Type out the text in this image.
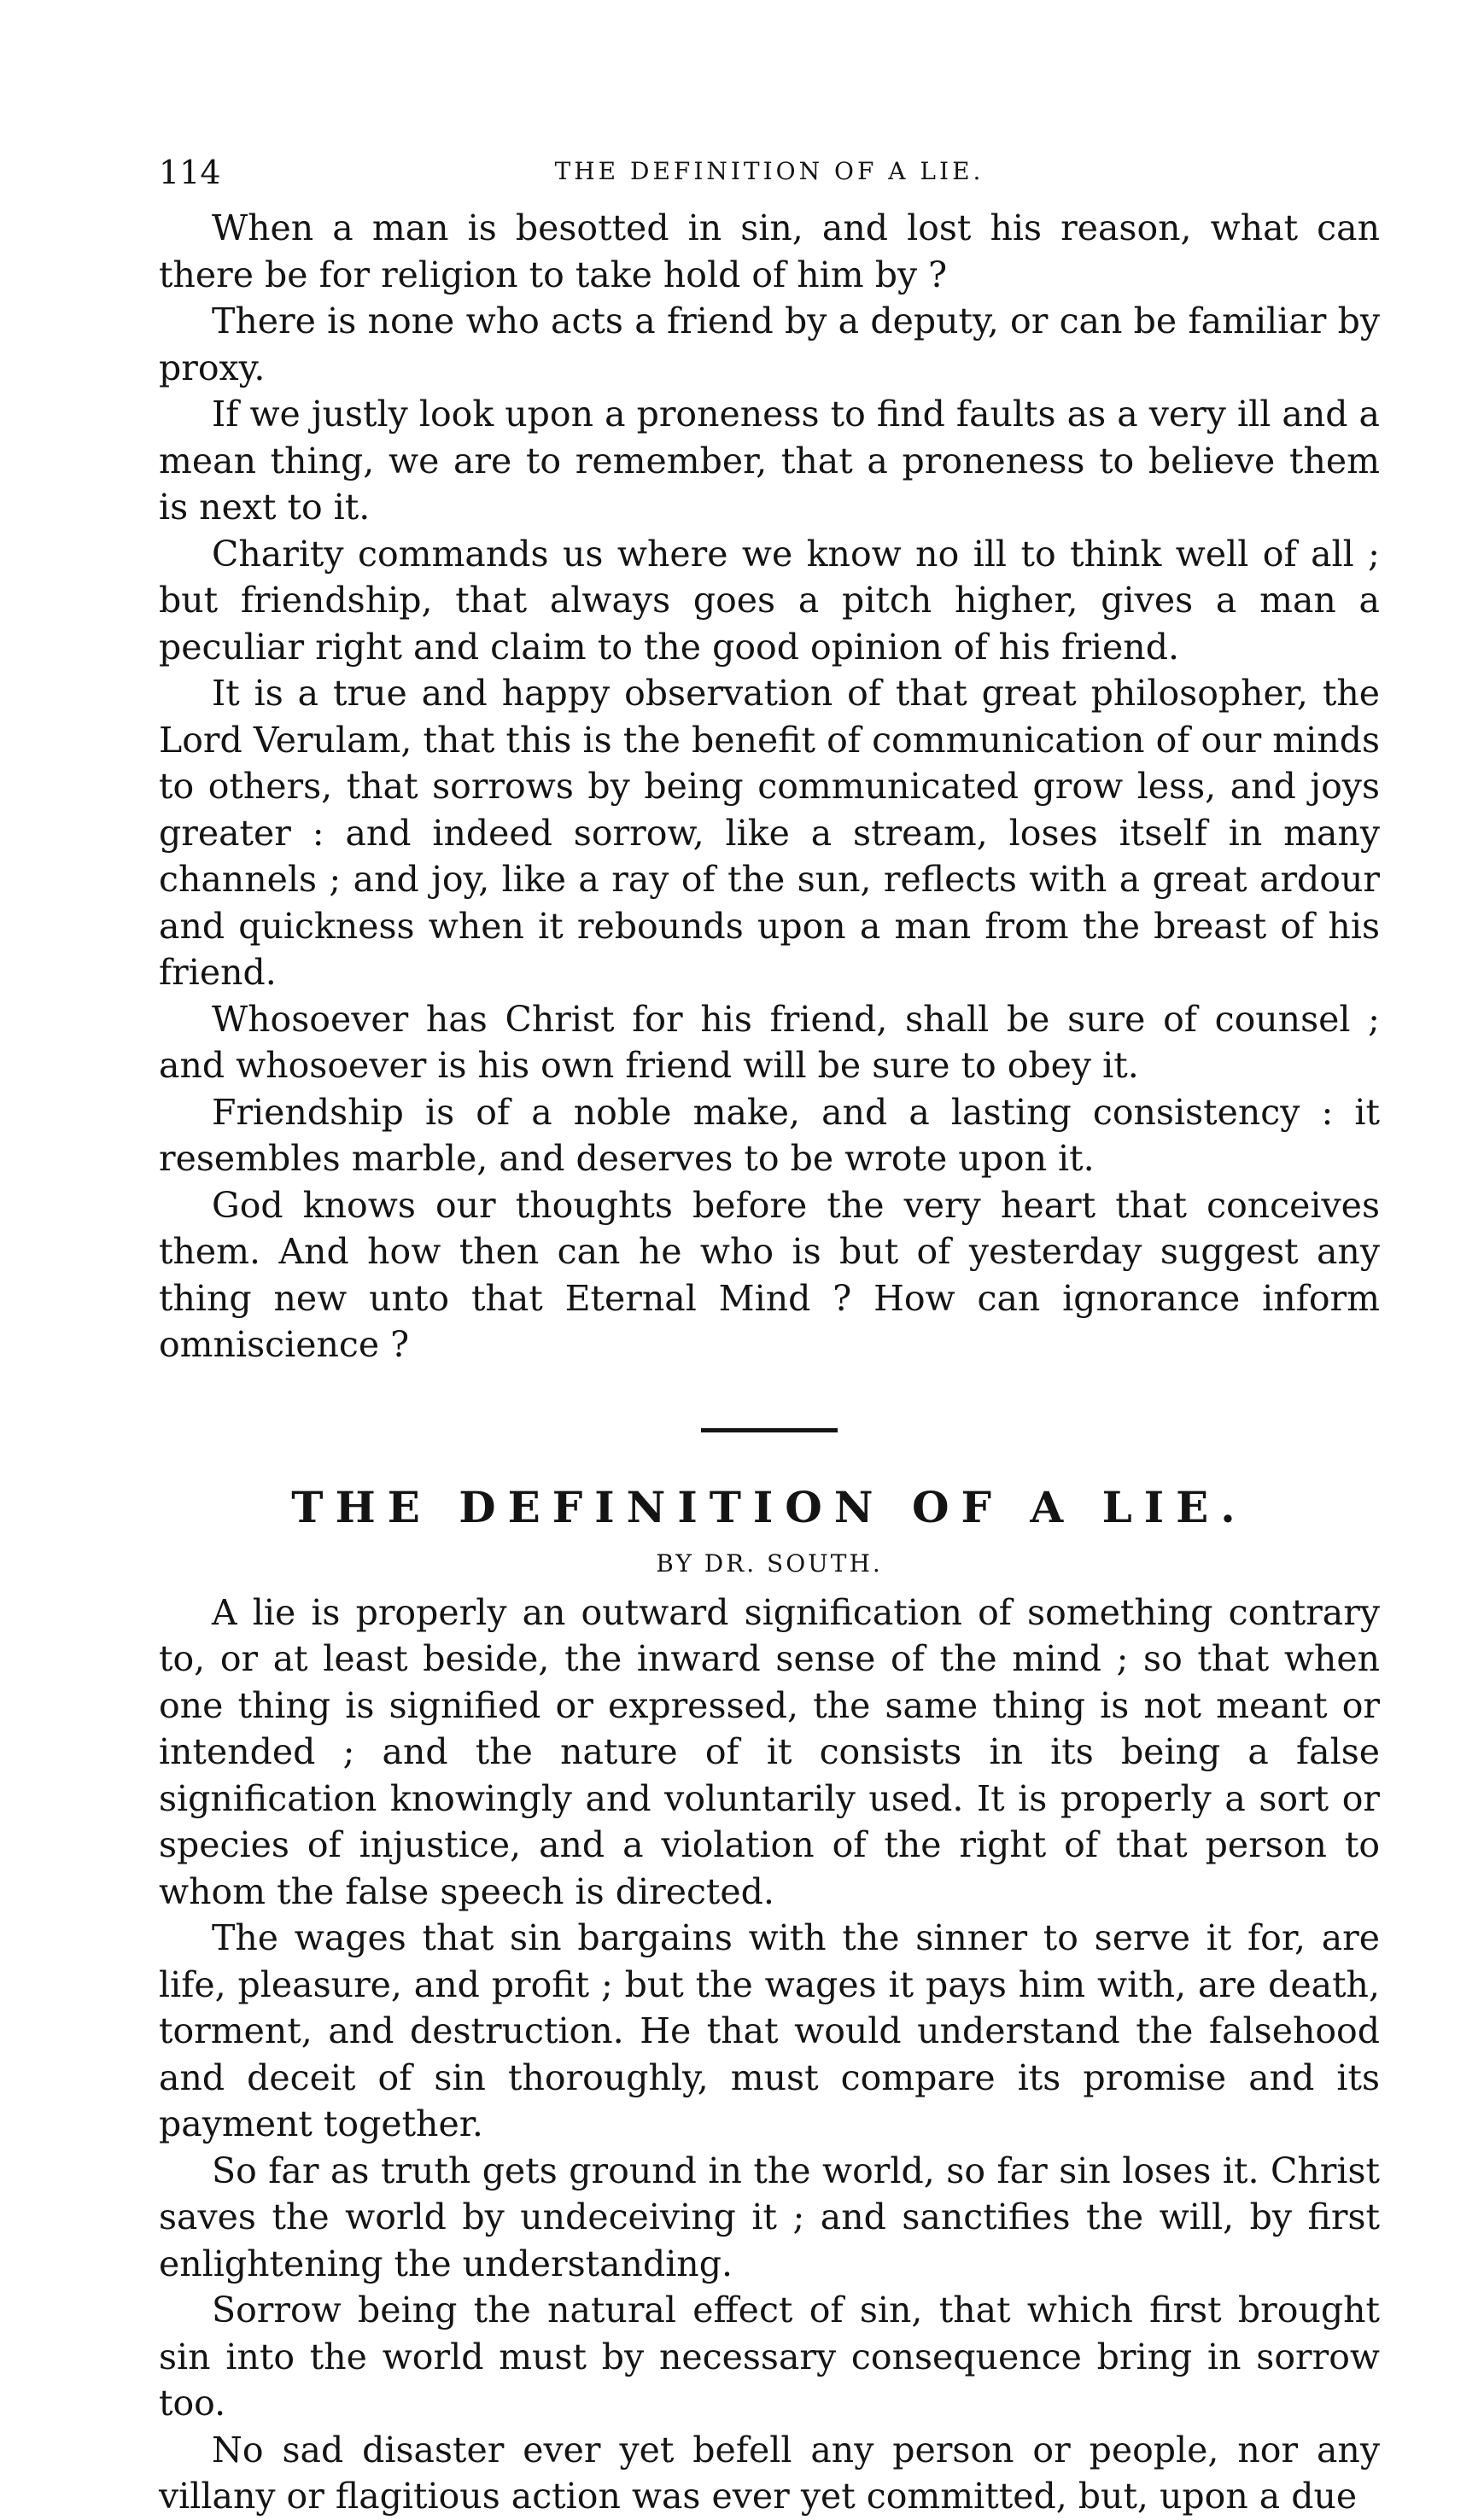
114	THE DEFINITION OF A LIE.

When a man is besotted in sin, and lost his reason, what can there be for religion to take hold of him by ?

There is none who acts a friend by a deputy, or can be familiar by proxy.

If we justly look upon a proneness to find faults as a very ill and a mean thing, we are to remember, that a proneness to believe them is next to it.

Charity commands us where we know no ill to think well of all ; but friendship, that always goes a pitch higher, gives a man a peculiar right and claim to the good opinion of his friend.

It is a true and happy observation of that great philosopher, the Lord Verulam, that this is the benefit of communication of our minds to others, that sorrows by being communicated grow less, and joys greater : and indeed sorrow, like a stream, loses itself in many channels ; and joy, like a ray of the sun, reflects with a great ardour and quickness when it rebounds upon a man from the breast of his friend.

Whosoever has Christ for his friend, shall be sure of counsel ; and whosoever is his own friend will be sure to obey it.

Friendship is of a noble make, and a lasting consistency : it resembles marble, and deserves to be wrote upon it.

God knows our thoughts before the very heart that conceives them. And how then can he who is but of yesterday suggest any thing new unto that Eternal Mind ? How can ignorance inform omniscience ?

THE DEFINITION OF A LIE.
BY DR. SOUTH.

A lie is properly an outward signification of something contrary to, or at least beside, the inward sense of the mind ; so that when one thing is signified or expressed, the same thing is not meant or intended ; and the nature of it consists in its being a false signification knowingly and voluntarily used. It is properly a sort or species of injustice, and a violation of the right of that person to whom the false speech is directed.

The wages that sin bargains with the sinner to serve it for, are life, pleasure, and profit ; but the wages it pays him with, are death, torment, and destruction. He that would understand the falsehood and deceit of sin thoroughly, must compare its promise and its payment together.

So far as truth gets ground in the world, so far sin loses it. Christ saves the world by undeceiving it ; and sanctifies the will, by first enlightening the understanding.

Sorrow being the natural effect of sin, that which first brought sin into the world must by necessary consequence bring in sorrow too.

No sad disaster ever yet befell any person or people, nor any villany or flagitious action was ever yet committed, but, upon a due
